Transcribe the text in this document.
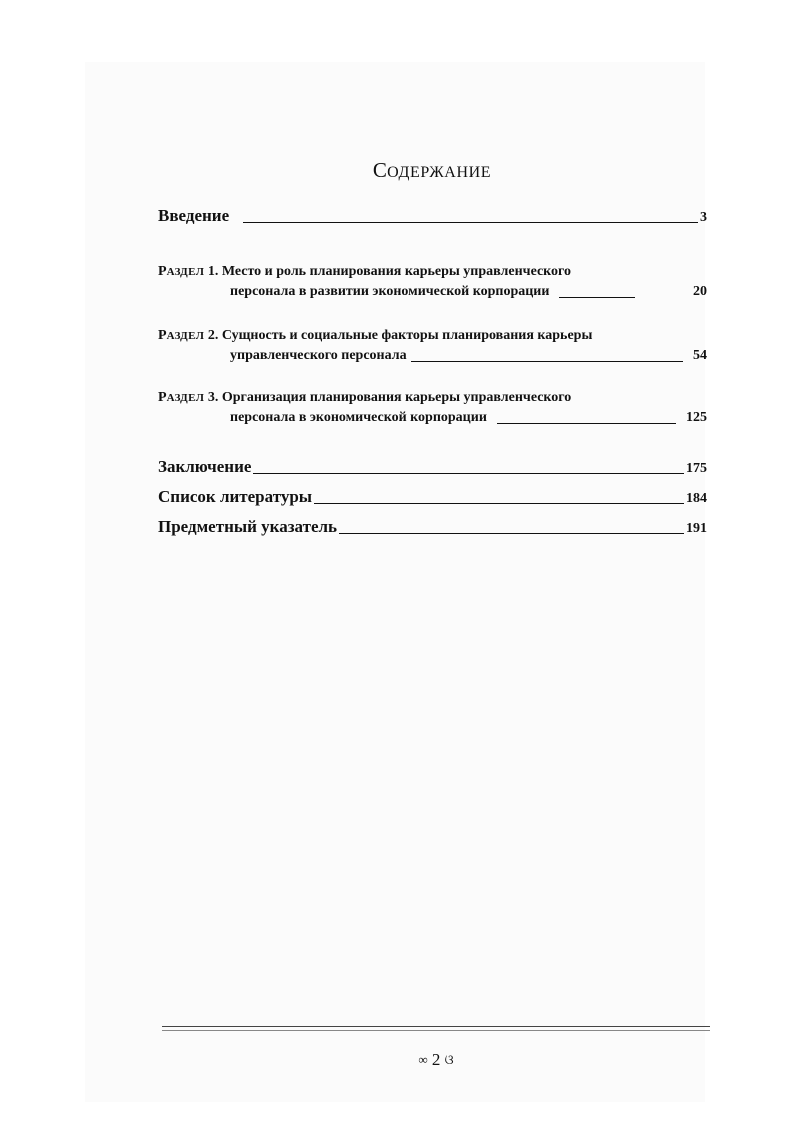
СОДЕРЖАНИЕ
Введение	3
РАЗДЕЛ 1. Место и роль планирования карьеры управленческого
персонала в развитии экономической корпорации	20
РАЗДЕЛ 2. Сущность и социальные факторы планирования карьеры
управленческого персонала	54
РАЗДЕЛ 3. Организация планирования карьеры управленческого
персонала в экономической корпорации	125
Заключение	175
Список литературы	184
Предметный указатель	191
∞ 2 ଓ
